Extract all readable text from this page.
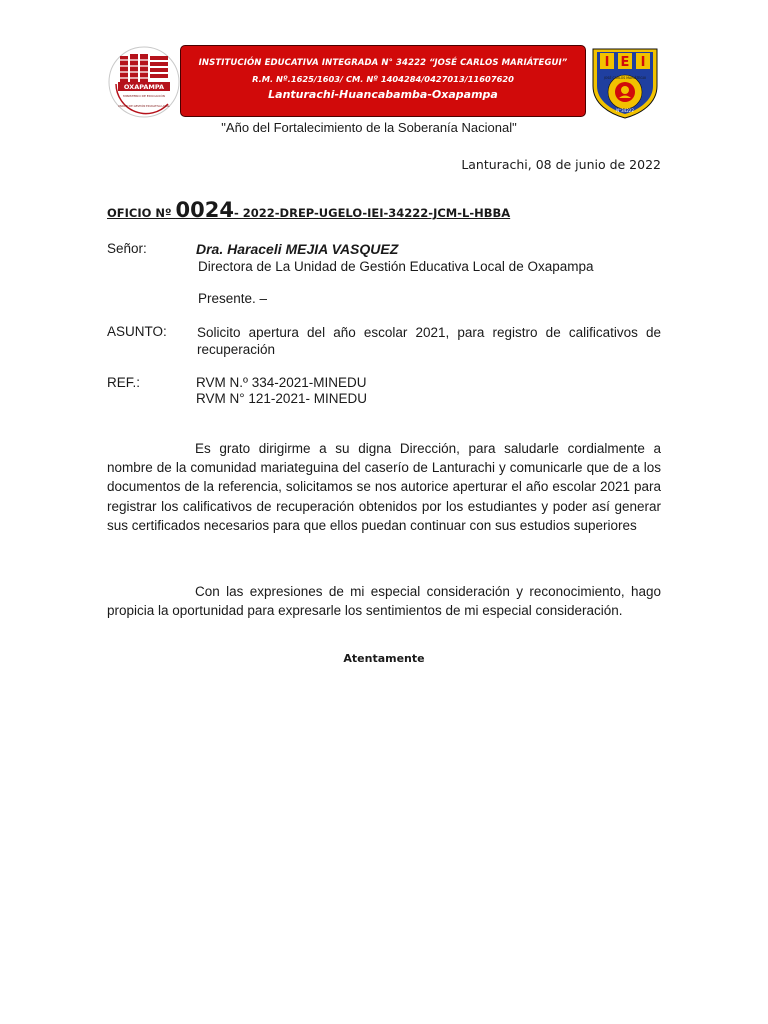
OXAPAMPA
MINISTERIO DE EDUCACIÓN
UNIDAD DE GESTIÓN EDUCATIVA LOCAL
INSTITUCIÓN EDUCATIVA INTEGRADA N° 34222 “JOSÉ CARLOS MARIÁTEGUI”
R.M. Nº.1625/1603/ CM. Nº 1404284/0427013/11607620
Lanturachi-Huancabamba-Oxapampa
I E I
JOSÉ CARLOS MARIÁTEGUI
N°34222
"Año del Fortalecimiento de la Soberanía Nacional"
Lanturachi, 08 de junio de 2022
OFICIO Nº 0024- 2022-DREP-UGELO-IEI-34222-JCM-L-HBBA
Señor:	Dra. Haraceli MEJIA VASQUEZ
Directora de La Unidad de Gestión Educativa Local de Oxapampa
Presente. –
ASUNTO: Solicito apertura del año escolar 2021, para registro de calificativos de recuperación
REF.:	RVM N.º 334-2021-MINEDU
RVM N° 121-2021- MINEDU
Es grato dirigirme a su digna Dirección, para saludarle cordialmente a nombre de la comunidad mariateguina del caserío de Lanturachi y comunicarle que de a los documentos de la referencia, solicitamos se nos autorice aperturar el año escolar 2021 para registrar los calificativos de recuperación obtenidos por los estudiantes y poder así generar sus certificados necesarios para que ellos puedan continuar con sus estudios superiores
Con las expresiones de mi especial consideración y reconocimiento, hago propicia la oportunidad para expresarle los sentimientos de mi especial consideración.
Atentamente
